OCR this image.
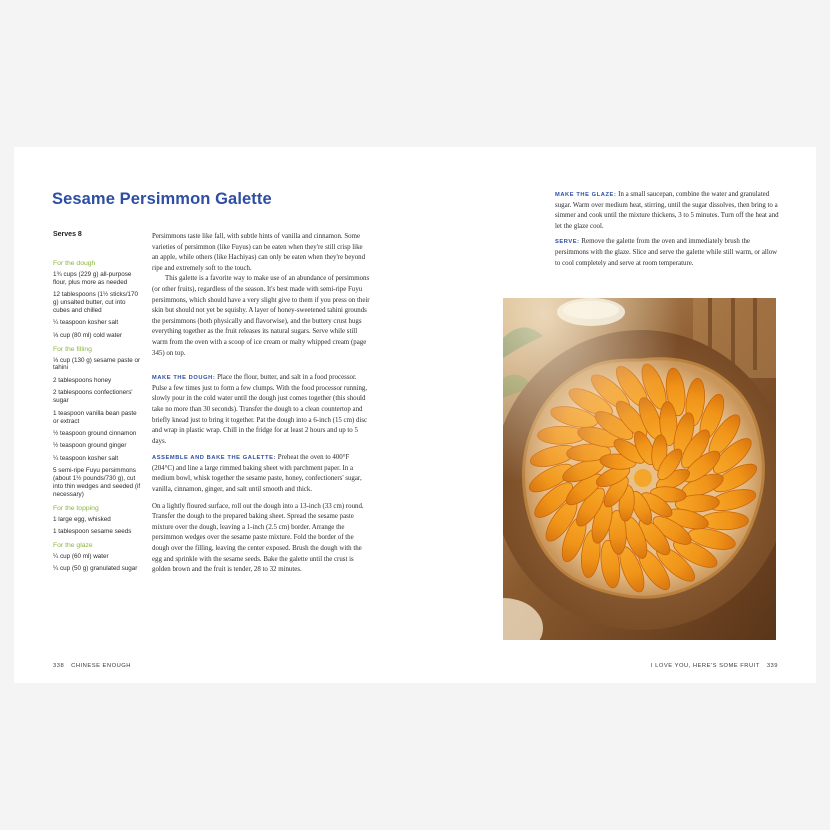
Sesame Persimmon Galette
Serves 8
For the dough
1¾ cups (229 g) all-purpose flour, plus more as needed
12 tablespoons (1½ sticks/170 g) unsalted butter, cut into cubes and chilled
¼ teaspoon kosher salt
⅓ cup (80 ml) cold water
For the filling
⅓ cup (130 g) sesame paste or tahini
2 tablespoons honey
2 tablespoons confectioners' sugar
1 teaspoon vanilla bean paste or extract
½ teaspoon ground cinnamon
½ teaspoon ground ginger
¼ teaspoon kosher salt
5 semi-ripe Fuyu persimmons (about 1½ pounds/730 g), cut into thin wedges and seeded (if necessary)
For the topping
1 large egg, whisked
1 tablespoon sesame seeds
For the glaze
¼ cup (60 ml) water
¼ cup (50 g) granulated sugar

Persimmons taste like fall, with subtle hints of vanilla and cinnamon. Some varieties of persimmon (like Fuyus) can be eaten when they're still crisp like an apple, while others (like Hachiyas) can only be eaten when they're beyond ripe and extremely soft to the touch.

This galette is a favorite way to make use of an abundance of persimmons (or other fruits), regardless of the season. It's best made with semi-ripe Fuyu persimmons, which should have a very slight give to them if you press on their skin but should not yet be squishy. A layer of honey-sweetened tahini grounds the persimmons (both physically and flavorwise), and the buttery crust hugs everything together as the fruit releases its natural sugars. Serve while still warm from the oven with a scoop of ice cream or malty whipped cream (page 345) on top.

MAKE THE DOUGH: Place the flour, butter, and salt in a food processor. Pulse a few times just to form a few clumps. With the food processor running, slowly pour in the cold water until the dough just comes together (this should take no more than 30 seconds). Transfer the dough to a clean countertop and briefly knead just to bring it together. Pat the dough into a 6-inch (15 cm) disc and wrap in plastic wrap. Chill in the fridge for at least 2 hours and up to 5 days.

ASSEMBLE AND BAKE THE GALETTE: Preheat the oven to 400°F (204°C) and line a large rimmed baking sheet with parchment paper. In a medium bowl, whisk together the sesame paste, honey, confectioners' sugar, vanilla, cinnamon, ginger, and salt until smooth and thick.

On a lightly floured surface, roll out the dough into a 13-inch (33 cm) round. Transfer the dough to the prepared baking sheet. Spread the sesame paste mixture over the dough, leaving a 1-inch (2.5 cm) border. Arrange the persimmon wedges over the sesame paste mixture. Fold the border of the dough over the filling, leaving the center exposed. Brush the dough with the egg and sprinkle with the sesame seeds. Bake the galette until the crust is golden brown and the fruit is tender, 28 to 32 minutes.

338 CHINESE ENOUGH

MAKE THE GLAZE: In a small saucepan, combine the water and granulated sugar. Warm over medium heat, stirring, until the sugar dissolves, then bring to a simmer and cook until the mixture thickens, 3 to 5 minutes. Turn off the heat and let the glaze cool.

SERVE: Remove the galette from the oven and immediately brush the persimmons with the glaze. Slice and serve the galette while still warm, or allow to cool completely and serve at room temperature.

I LOVE YOU, HERE'S SOME FRUIT 339
